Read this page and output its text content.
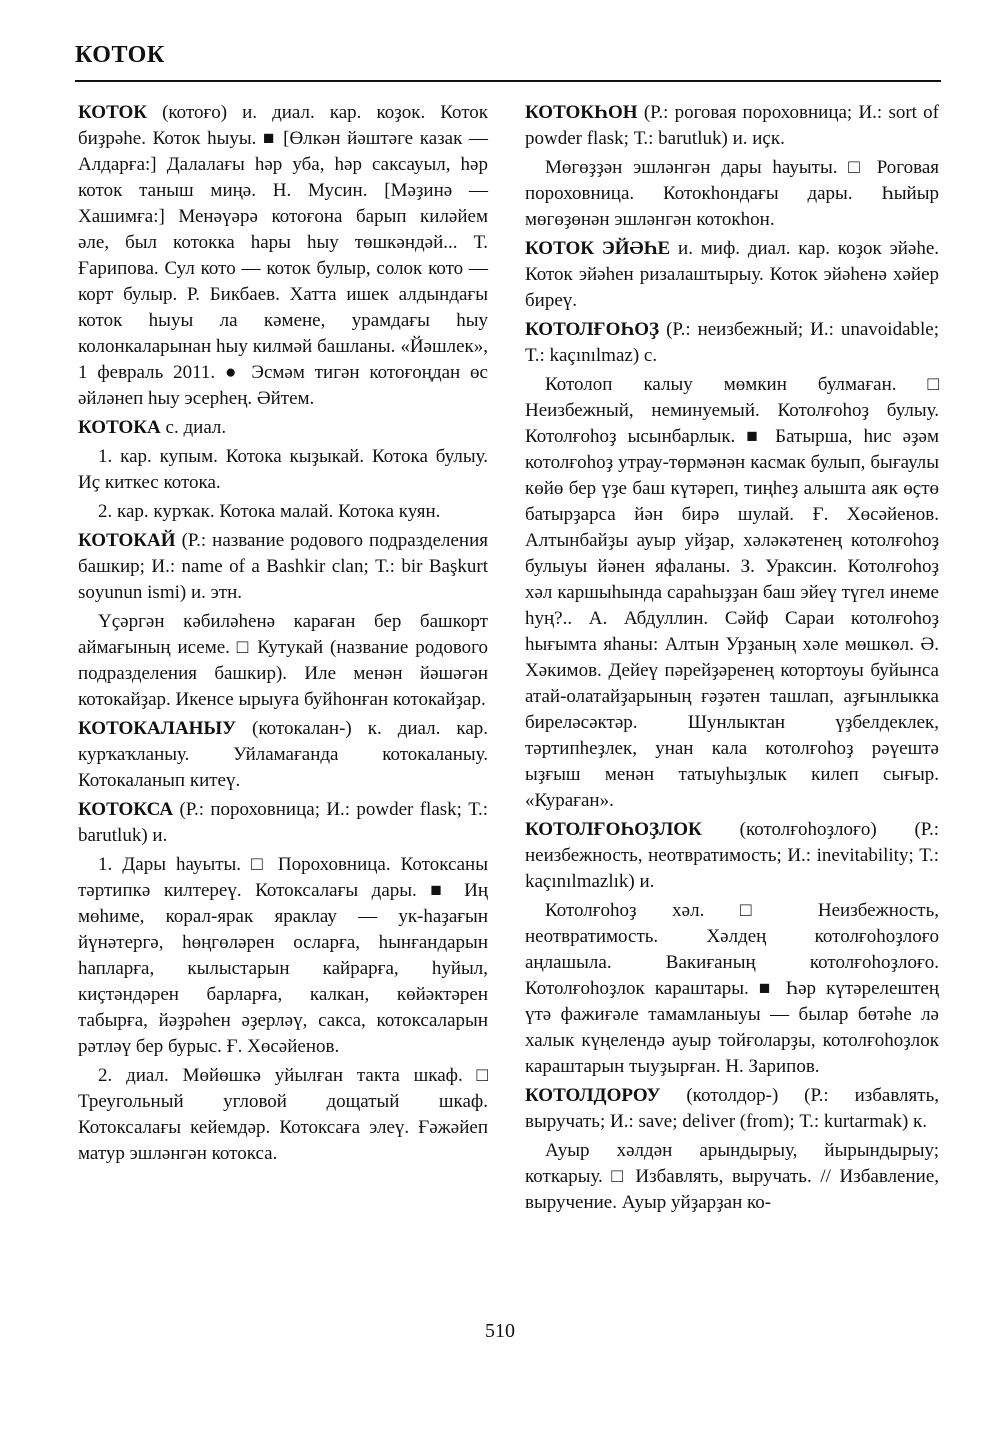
КОТОК

КОТОК (котоғо) и. диал. кар. коҙок. Коток биҙрәһе. Коток һыуы. ■ [Өлкән йәштәге казак — Алдарға:] Далалағы һәр уба, һәр саксауыл, һәр коток таныш миңә. Н. Мусин. [Мәҙинә — Хашимға:] Менәүәрә котоғона барып киләйем әле, был котокка һары һыу төшкәндәй... Т. Ғарипова. Сул кото — коток булыр, солок кото — корт булыр. Р. Бикбаев. Хатта ишек алдындағы коток һыуы ла кәмене, урамдағы һыу колонкаларынан һыу килмәй башланы. «Йәшлек», 1 февраль 2011. ● Эсмәм тигән котоғоңдан өс әйләнеп һыу эсерһең. Әйтем.

КОТОКА с. диал.

1. кар. купым. Котока кыҙыкай. Котока булыу. Иҫ киткес котока.

2. кар. курҡак. Котока малай. Котока куян.

КОТОКАЙ (Р.: название родового подразделения башкир; И.: name of a Bashkir clan; Т.: bir Başkurt soyunun ismi) и. этн.

Үҫәргән кәбиләһенә караған бер башкорт аймағының исеме. □ Кутукай (название родового подразделения башкир). Иле менән йәшәгән котокайҙар. Икенсе ырыуға буйһонған котокайҙар.

КОТОКАЛАНЫУ (котокалан-) к. диал. кар. курҡаҡланыу. Уйламағанда котокаланыу. Котокаланып китеү.

КОТОКСА (Р.: пороховница; И.: powder flask; Т.: barutluk) и.

1. Дары һауыты. □ Пороховница. Котоксаны тәртипкә килтереү. Котоксалағы дары. ■ Иң мөһиме, корал-ярак яраклау — ук-һаҙағын йүнәтергә, һөңгөләрен осларға, һынғандарын һапларға, кылыстарын кайрарға, һуйыл, киҫтәндәрен барларға, калкан, көйәктәрен табырға, йәҙрәһен әҙерләү, сакса, котоксаларын рәтләү бер бурыс. Ғ. Хөсәйенов.

2. диал. Мөйөшкә уйылған такта шкаф. □ Треугольный угловой дощатый шкаф. Котоксалағы кейемдәр. Котоксаға элеү. Ғәжәйеп матур эшләнгән котокса.

КОТОКҺОН (Р.: роговая пороховница; И.: sort of powder flask; Т.: barutluk) и. иҫк.

Мөгөҙҙән эшләнгән дары һауыты. □ Роговая пороховница. Котокһондағы дары. Һыйыр мөгөҙөнән эшләнгән котокһон.

КОТОК ЭЙӘҺЕ и. миф. диал. кар. коҙок эйәһе. Коток эйәһен ризалаштырыу. Коток эйәһенә хәйер биреү.

КОТОЛҒОҺОҘ (Р.: неизбежный; И.: unavoidable; Т.: kaçınılmaz) с.

Котолоп калыу мөмкин булмаған. □ Неизбежный, неминуемый. Котолғоһоҙ булыу. Котолғоһоҙ ысынбарлык. ■ Батырша, һис әҙәм котолғоһоҙ утрау-төрмәнән касмак булып, бығаулы көйө бер үҙе баш күтәреп, тиңһеҙ алышта аяк өҫтө батырҙарса йән бирә шулай. Ғ. Хөсәйенов. Алтынбайҙы ауыр уйҙар, хәләкәтенең котолғоһоҙ булыуы йәнен яфаланы. З. Ураксин. Котолғоһоҙ хәл каршыһында сараһыҙҙан баш эйеү түгел инеме һуң?.. А. Абдуллин. Сәйф Сараи котолғоһоҙ һығымта яһаны: Алтын Урҙаның хәле мөшкөл. Ә. Хәкимов. Дейеү пәрейҙәренең котортоуы буйынса атай-олатайҙарының ғәҙәтен ташлап, аҙғынлыкка биреләсәктәр. Шунлыктан үҙбелдеклек, тәртипһеҙлек, унан кала котолғоһоҙ рәүештә ыҙғыш менән татыуһыҙлык килеп сығыр. «Кураған».

КОТОЛҒОҺОҘЛОК (котолғоһоҙлоғо) (Р.: неизбежность, неотвратимость; И.: inevitability; Т.: kaçınılmazlık) и.

Котолғоһоҙ хәл. □ Неизбежность, неотвратимость. Хәлдең котолғоһоҙлоғо аңлашыла. Вакиғаның котолғоһоҙлоғо. Котолғоһоҙлок караштары. ■ Һәр күтәрелештең үтә фажиғәле тамамланыуы — былар бөтәһе лә халык күңелендә ауыр тойғоларҙы, котолғоһоҙлок караштарын тыуҙырған. Н. Зарипов.

КОТОЛДОРОУ (котолдор-) (Р.: избавлять, выручать; И.: save; deliver (from); Т.: kurtarmak) к.

Ауыр хәлдән арындырыу, йырындырыу; коткарыу. □ Избавлять, выручать. // Избавление, выручение. Ауыр уйҙарҙан ко-

510
